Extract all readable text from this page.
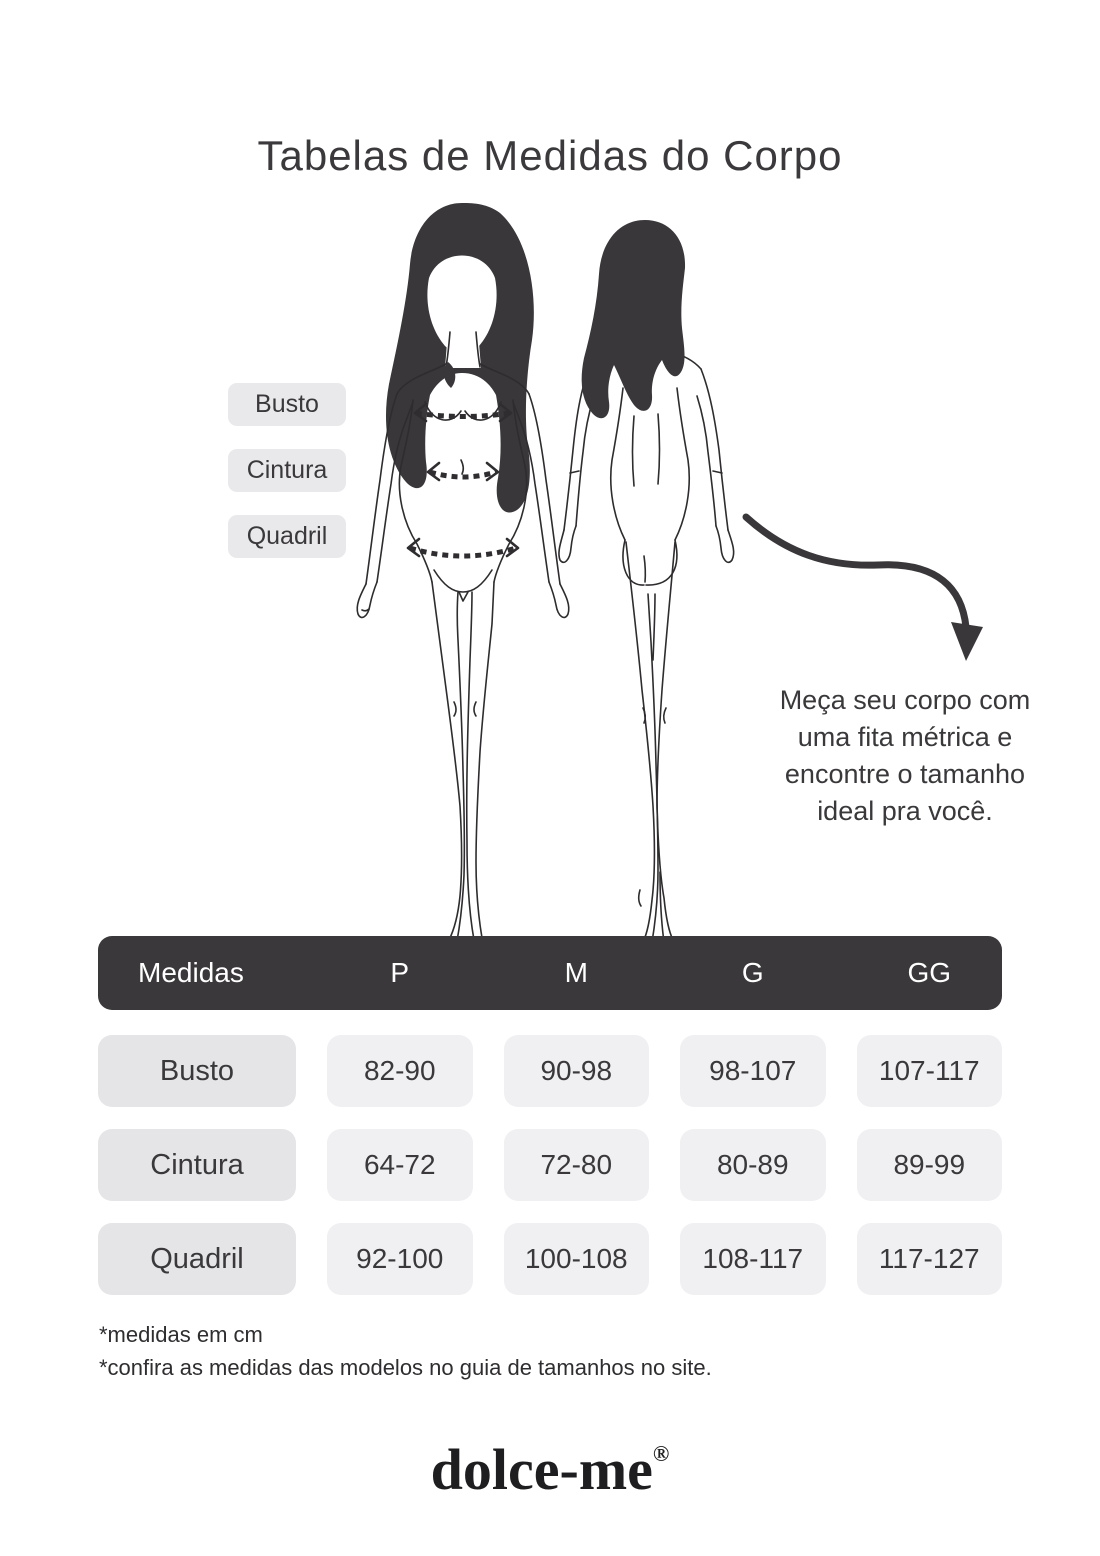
Tabelas de Medidas do Corpo
Busto
Cintura
Quadril
Meça seu corpo com
uma fita métrica e
encontre o tamanho
ideal pra você.
Medidas	P	M	G	GG
Busto	82-90	90-98	98-107	107-117
Cintura	64-72	72-80	80-89	89-99
Quadril	92-100	100-108	108-117	117-127
*medidas em cm
*confira as medidas das modelos no guia de tamanhos no site.
dolce-me®
